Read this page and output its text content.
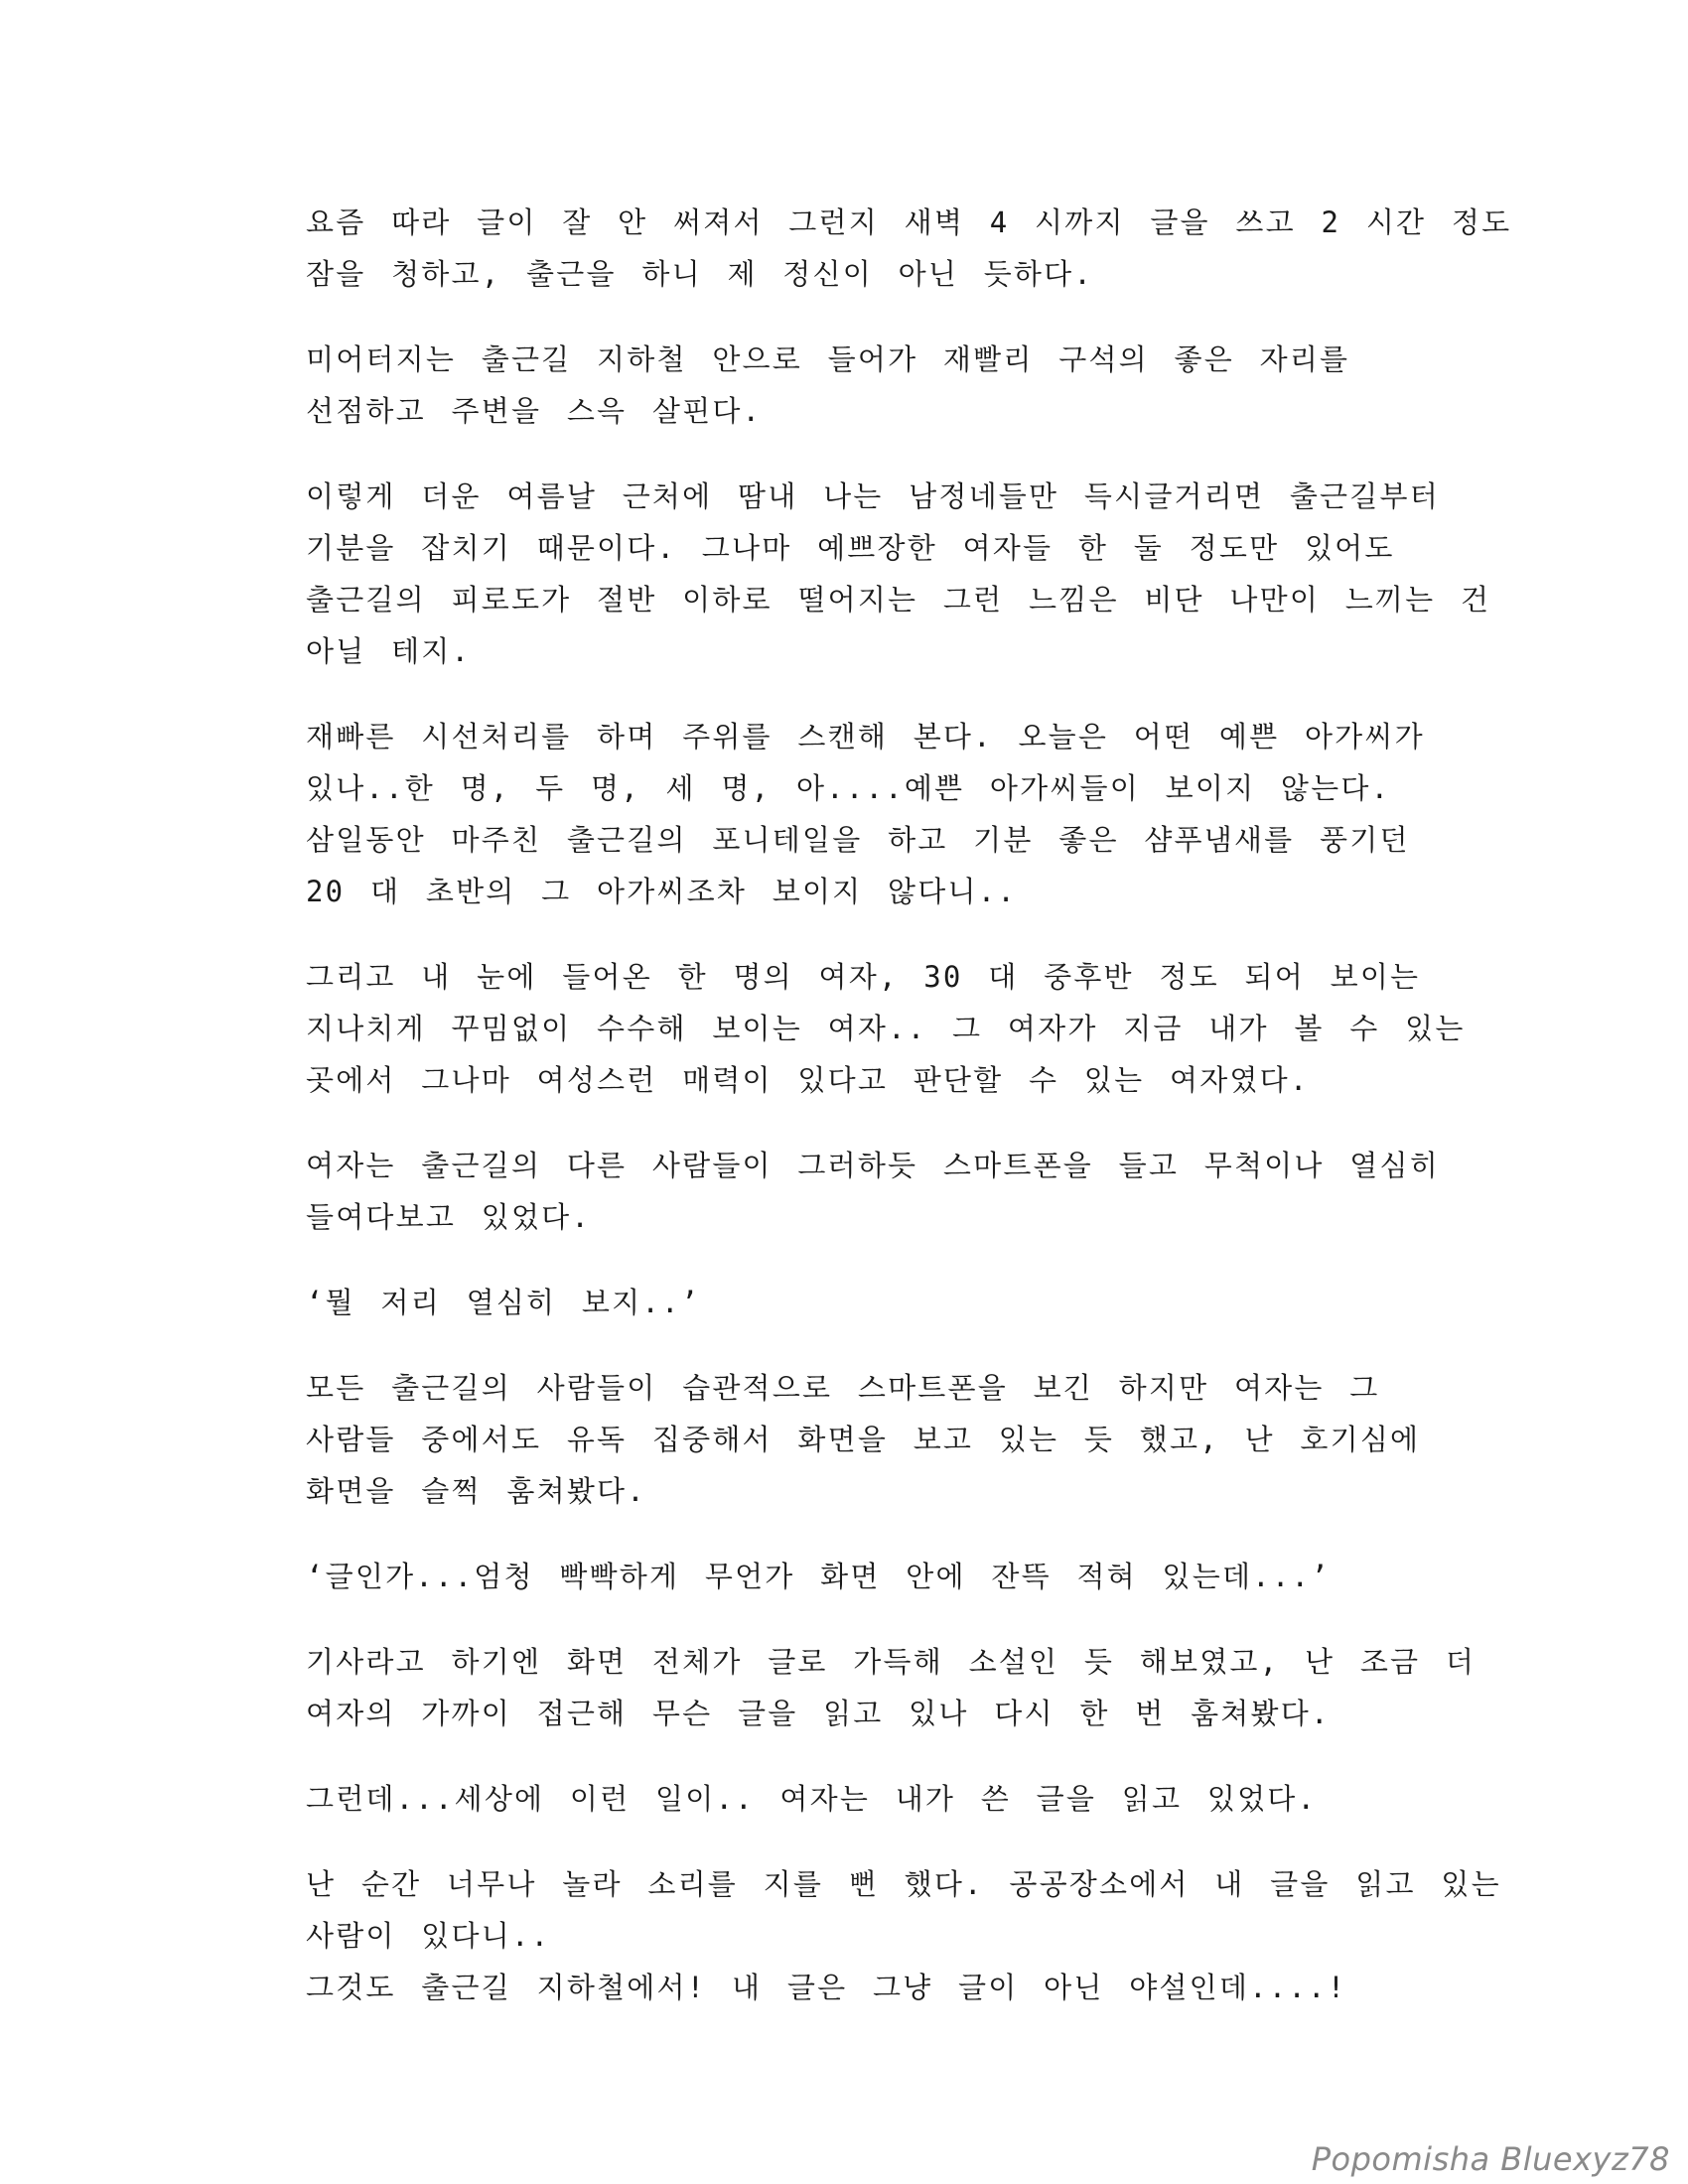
요즘 따라 글이 잘 안 써져서 그런지 새벽 4 시까지 글을 쓰고 2 시간 정도
잠을 청하고, 출근을 하니 제 정신이 아닌 듯하다.
미어터지는 출근길 지하철 안으로 들어가 재빨리 구석의 좋은 자리를
선점하고 주변을 스윽 살핀다.
이렇게 더운 여름날 근처에 땀내 나는 남정네들만 득시글거리면 출근길부터
기분을 잡치기 때문이다. 그나마 예쁘장한 여자들 한 둘 정도만 있어도
출근길의 피로도가 절반 이하로 떨어지는 그런 느낌은 비단 나만이 느끼는 건
아닐 테지.
재빠른 시선처리를 하며 주위를 스캔해 본다. 오늘은 어떤 예쁜 아가씨가
있나..한 명, 두 명, 세 명, 아....예쁜 아가씨들이 보이지 않는다.
삼일동안 마주친 출근길의 포니테일을 하고 기분 좋은 샴푸냄새를 풍기던
20 대 초반의 그 아가씨조차 보이지 않다니..
그리고 내 눈에 들어온 한 명의 여자, 30 대 중후반 정도 되어 보이는
지나치게 꾸밈없이 수수해 보이는 여자.. 그 여자가 지금 내가 볼 수 있는
곳에서 그나마 여성스런 매력이 있다고 판단할 수 있는 여자였다.
여자는 출근길의 다른 사람들이 그러하듯 스마트폰을 들고 무척이나 열심히
들여다보고 있었다.
‘뭘 저리 열심히 보지..’
모든 출근길의 사람들이 습관적으로 스마트폰을 보긴 하지만 여자는 그
사람들 중에서도 유독 집중해서 화면을 보고 있는 듯 했고, 난 호기심에
화면을 슬쩍 훔쳐봤다.
‘글인가...엄청 빡빡하게 무언가 화면 안에 잔뜩 적혀 있는데...’
기사라고 하기엔 화면 전체가 글로 가득해 소설인 듯 해보였고, 난 조금 더
여자의 가까이 접근해 무슨 글을 읽고 있나 다시 한 번 훔쳐봤다.
그런데...세상에 이런 일이.. 여자는 내가 쓴 글을 읽고 있었다.
난 순간 너무나 놀라 소리를 지를 뻔 했다. 공공장소에서 내 글을 읽고 있는
사람이 있다니..
그것도 출근길 지하철에서! 내 글은 그냥 글이 아닌 야설인데....!
Popomisha Bluexyz78
